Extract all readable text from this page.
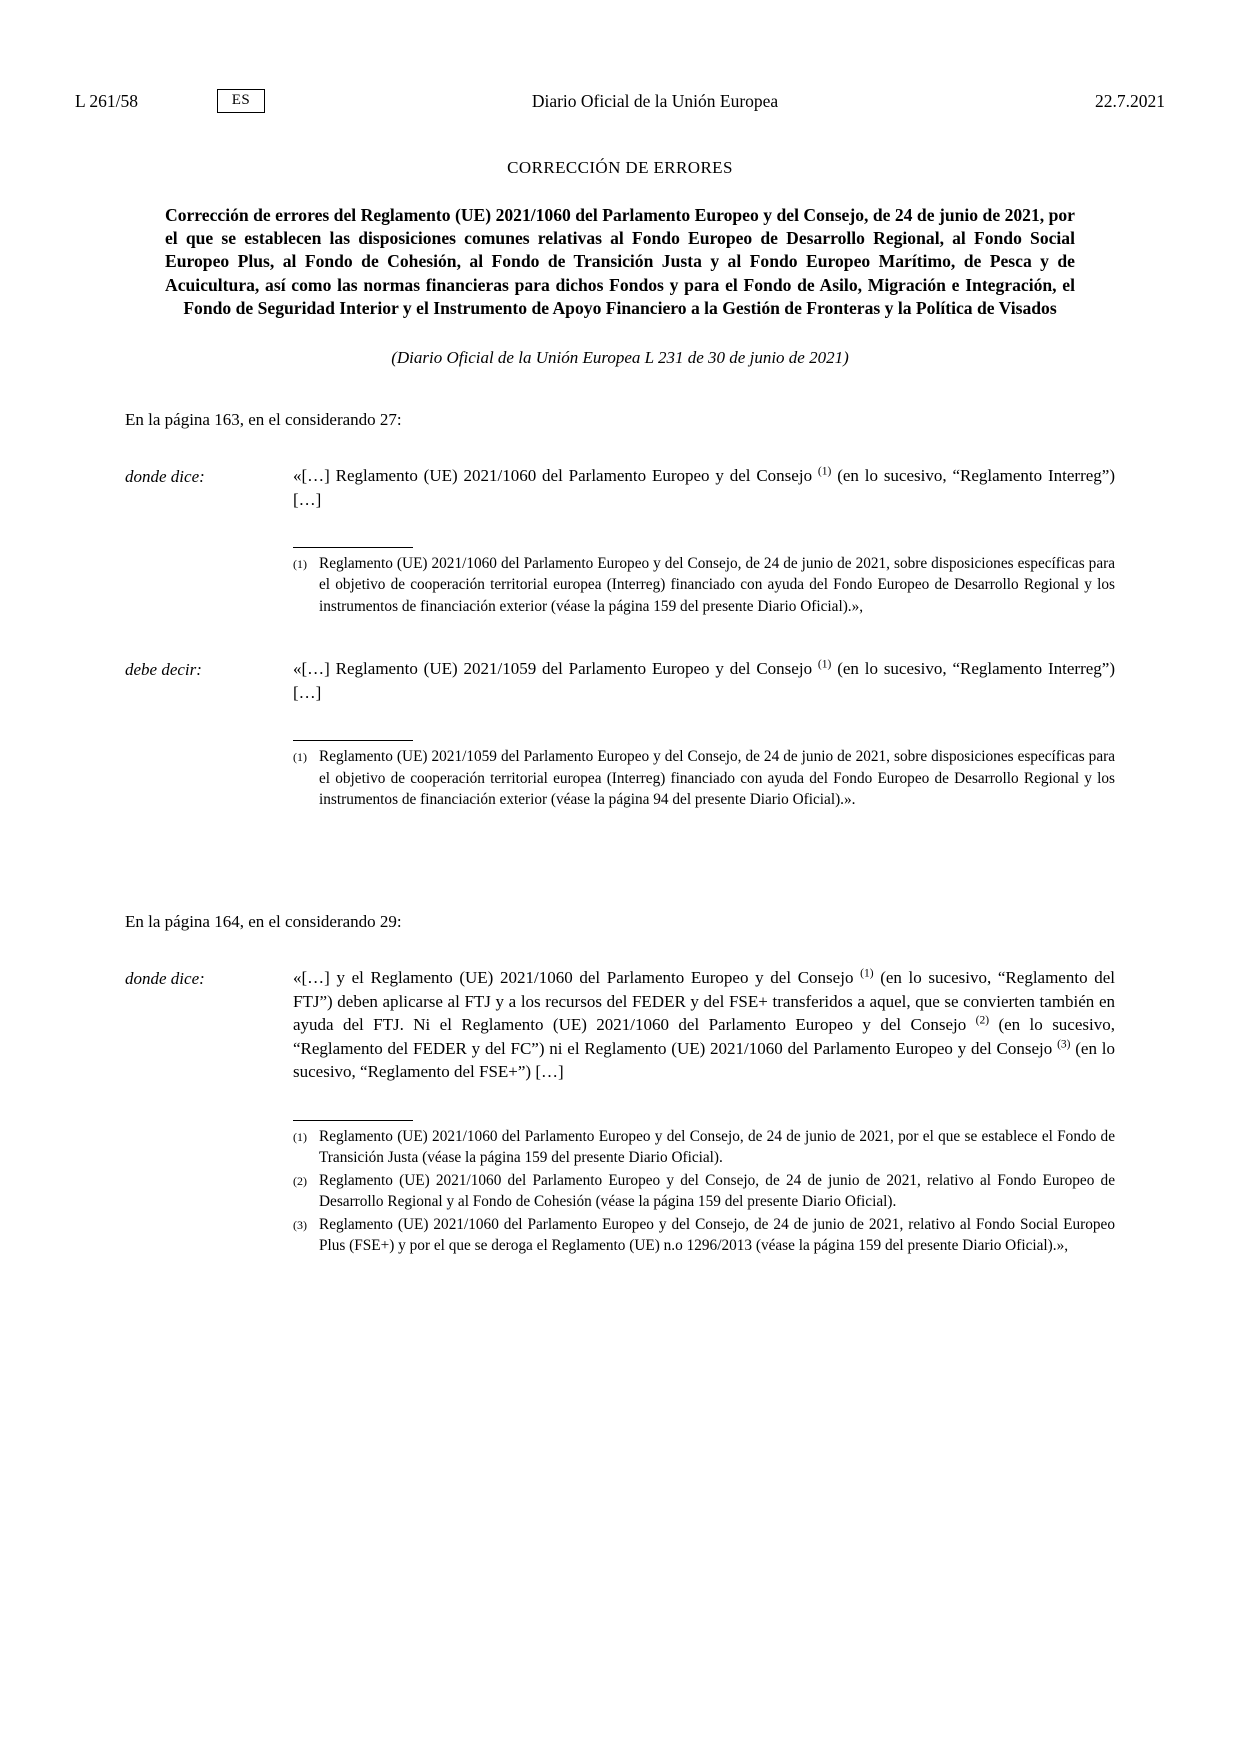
L 261/58	ES	Diario Oficial de la Unión Europea	22.7.2021
CORRECCIÓN DE ERRORES
Corrección de errores del Reglamento (UE) 2021/1060 del Parlamento Europeo y del Consejo, de 24 de junio de 2021, por el que se establecen las disposiciones comunes relativas al Fondo Europeo de Desarrollo Regional, al Fondo Social Europeo Plus, al Fondo de Cohesión, al Fondo de Transición Justa y al Fondo Europeo Marítimo, de Pesca y de Acuicultura, así como las normas financieras para dichos Fondos y para el Fondo de Asilo, Migración e Integración, el Fondo de Seguridad Interior y el Instrumento de Apoyo Financiero a la Gestión de Fronteras y la Política de Visados
(Diario Oficial de la Unión Europea L 231 de 30 de junio de 2021)
En la página 163, en el considerando 27:
donde dice:	«[…] Reglamento (UE) 2021/1060 del Parlamento Europeo y del Consejo $^{(1)}$ (en lo sucesivo, “Reglamento Interreg”) […]

(1) Reglamento (UE) 2021/1060 del Parlamento Europeo y del Consejo, de 24 de junio de 2021, sobre disposiciones específicas para el objetivo de cooperación territorial europea (Interreg) financiado con ayuda del Fondo Europeo de Desarrollo Regional y los instrumentos de financiación exterior (véase la página 159 del presente Diario Oficial).»,
debe decir:	«[…] Reglamento (UE) 2021/1059 del Parlamento Europeo y del Consejo $^{(1)}$ (en lo sucesivo, “Reglamento Interreg”) […]

(1) Reglamento (UE) 2021/1059 del Parlamento Europeo y del Consejo, de 24 de junio de 2021, sobre disposiciones específicas para el objetivo de cooperación territorial europea (Interreg) financiado con ayuda del Fondo Europeo de Desarrollo Regional y los instrumentos de financiación exterior (véase la página 94 del presente Diario Oficial).».
En la página 164, en el considerando 29:
donde dice:	«[…] y el Reglamento (UE) 2021/1060 del Parlamento Europeo y del Consejo $^{(1)}$ (en lo sucesivo, “Reglamento del FTJ”) deben aplicarse al FTJ y a los recursos del FEDER y del FSE+ transferidos a aquel, que se convierten también en ayuda del FTJ. Ni el Reglamento (UE) 2021/1060 del Parlamento Europeo y del Consejo $^{(2)}$ (en lo sucesivo, “Reglamento del FEDER y del FC”) ni el Reglamento (UE) 2021/1060 del Parlamento Europeo y del Consejo $^{(3)}$ (en lo sucesivo, “Reglamento del FSE+”) […]

(1) Reglamento (UE) 2021/1060 del Parlamento Europeo y del Consejo, de 24 de junio de 2021, por el que se establece el Fondo de Transición Justa (véase la página 159 del presente Diario Oficial).
(2) Reglamento (UE) 2021/1060 del Parlamento Europeo y del Consejo, de 24 de junio de 2021, relativo al Fondo Europeo de Desarrollo Regional y al Fondo de Cohesión (véase la página 159 del presente Diario Oficial).
(3) Reglamento (UE) 2021/1060 del Parlamento Europeo y del Consejo, de 24 de junio de 2021, relativo al Fondo Social Europeo Plus (FSE+) y por el que se deroga el Reglamento (UE) n.o 1296/2013 (véase la página 159 del presente Diario Oficial).»,
